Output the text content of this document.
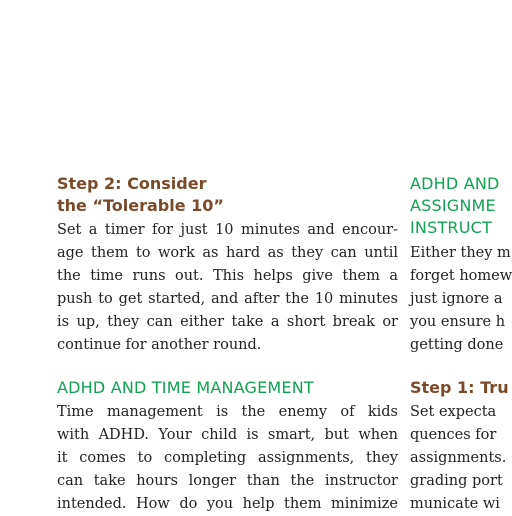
Step 2: Consider
the “Tolerable 10”
Set a timer for just 10 minutes and encour-
age them to work as hard as they can until
the time runs out. This helps give them a
push to get started, and after the 10 minutes
is up, they can either take a short break or
continue for another round.
ADHD AND TIME MANAGEMENT
Time management is the enemy of kids
with ADHD. Your child is smart, but when
it comes to completing assignments, they
can take hours longer than the instructor
intended. How do you help them minimize
ADHD AND
ASSIGNME
INSTRUCT
Either they m
forget homew
just ignore a
you ensure h
getting done
Step 1: Tru
Set expecta
quences for
assignments.
grading port
municate wi
